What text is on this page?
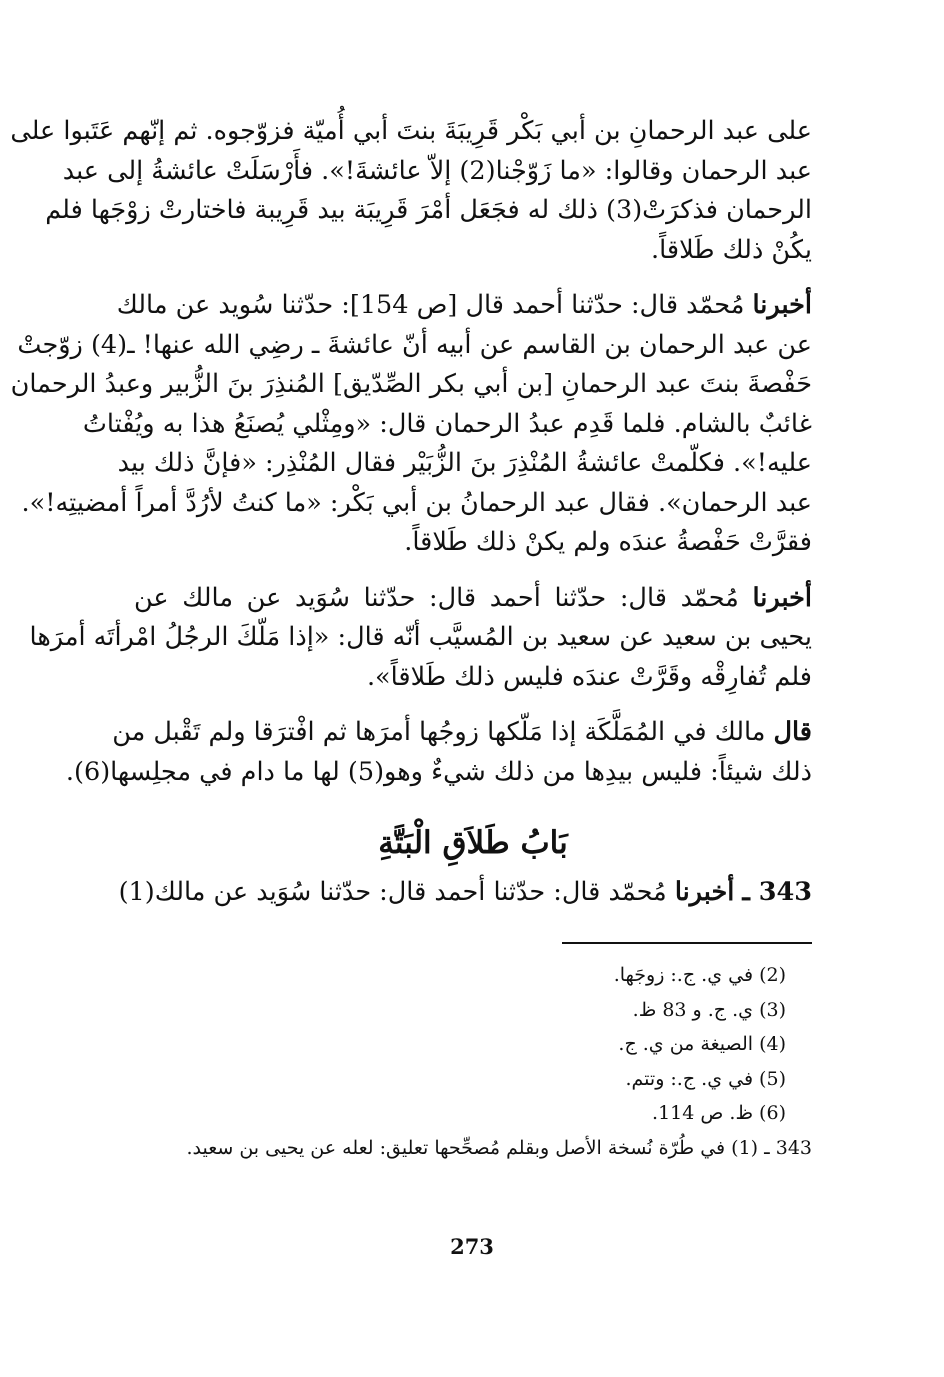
على عبد الرحمانِ بن أبي بَكْر قَرِيبَةَ بنتَ أبي أُميّة فزوّجوه. ثم إنّهم عَتَبوا على
عبد الرحمان وقالوا: «ما زَوّجْنا(2) إلاّ عائشةَ!». فأَرْسَلَتْ عائشةُ إلى عبد
الرحمان فذكرَتْ(3) ذلك له فجَعَل أمْرَ قَرِيبَة بيد قَرِيبة فاختارتْ زوْجَها فلم
يكُنْ ذلك طَلاقاً.
أخبرنا مُحمّد قال: حدّثنا أحمد قال [ص 154]: حدّثنا سُويد عن مالك
عن عبد الرحمان بن القاسم عن أبيه أنّ عائشةَ ـ رضِي الله عنها! ـ(4) زوّجتْ
حَفْصةَ بنتَ عبد الرحمانِ [بن أبي بكر الصِّدّيق] المُنذِرَ بنَ الزُّبير وعبدُ الرحمان
غائبٌ بالشام. فلما قَدِم عبدُ الرحمان قال: «ومِثْلي يُصنَعُ هذا به ويُفْتاتُ
عليه!». فكلّمتْ عائشةُ المُنْذِرَ بنَ الزُّبَيْر فقال المُنْذِر: «فإنَّ ذلك بيد
عبد الرحمان». فقال عبد الرحمانُ بن أبي بَكْر: «ما كنتُ لأرُدَّ أمراً أمضيتِه!».
فقرَّتْ حَفْصةُ عندَه ولم يكنْ ذلك طَلاقاً.
أخبرنا مُحمّد قال: حدّثنا أحمد قال: حدّثنا سُوَيد عن مالك عن
يحيى بن سعيد عن سعيد بن المُسيَّب أنّه قال: «إذا مَلّكَ الرجُلُ امْرأتَه أمرَها
فلم تُفارِقْه وقَرَّتْ عندَه فليس ذلك طَلاقاً».
قال مالك في المُمَلَّكَة إذا مَلّكها زوجُها أمرَها ثم افْترَقا ولم تَقْبل من
ذلك شيئاً: فليس بيدِها من ذلك شيءٌ وهو(5) لها ما دام في مجلِسها(6).
بَابُ طَلاَقِ الْبَتَّةِ
343 ـ أخبرنا مُحمّد قال: حدّثنا أحمد قال: حدّثنا سُوَيد عن مالك(1)
(2) في ي. ج.: زوجَها.
(3) ي. ج. و 83 ظ.
(4) الصيغة من ي. ج.
(5) في ي. ج.: وتتم.
(6) ظ. ص 114.
343 ـ (1) في طُرّة نُسخة الأصل وبقلم مُصحِّحها تعليق: لعله عن يحيى بن سعيد.
273
